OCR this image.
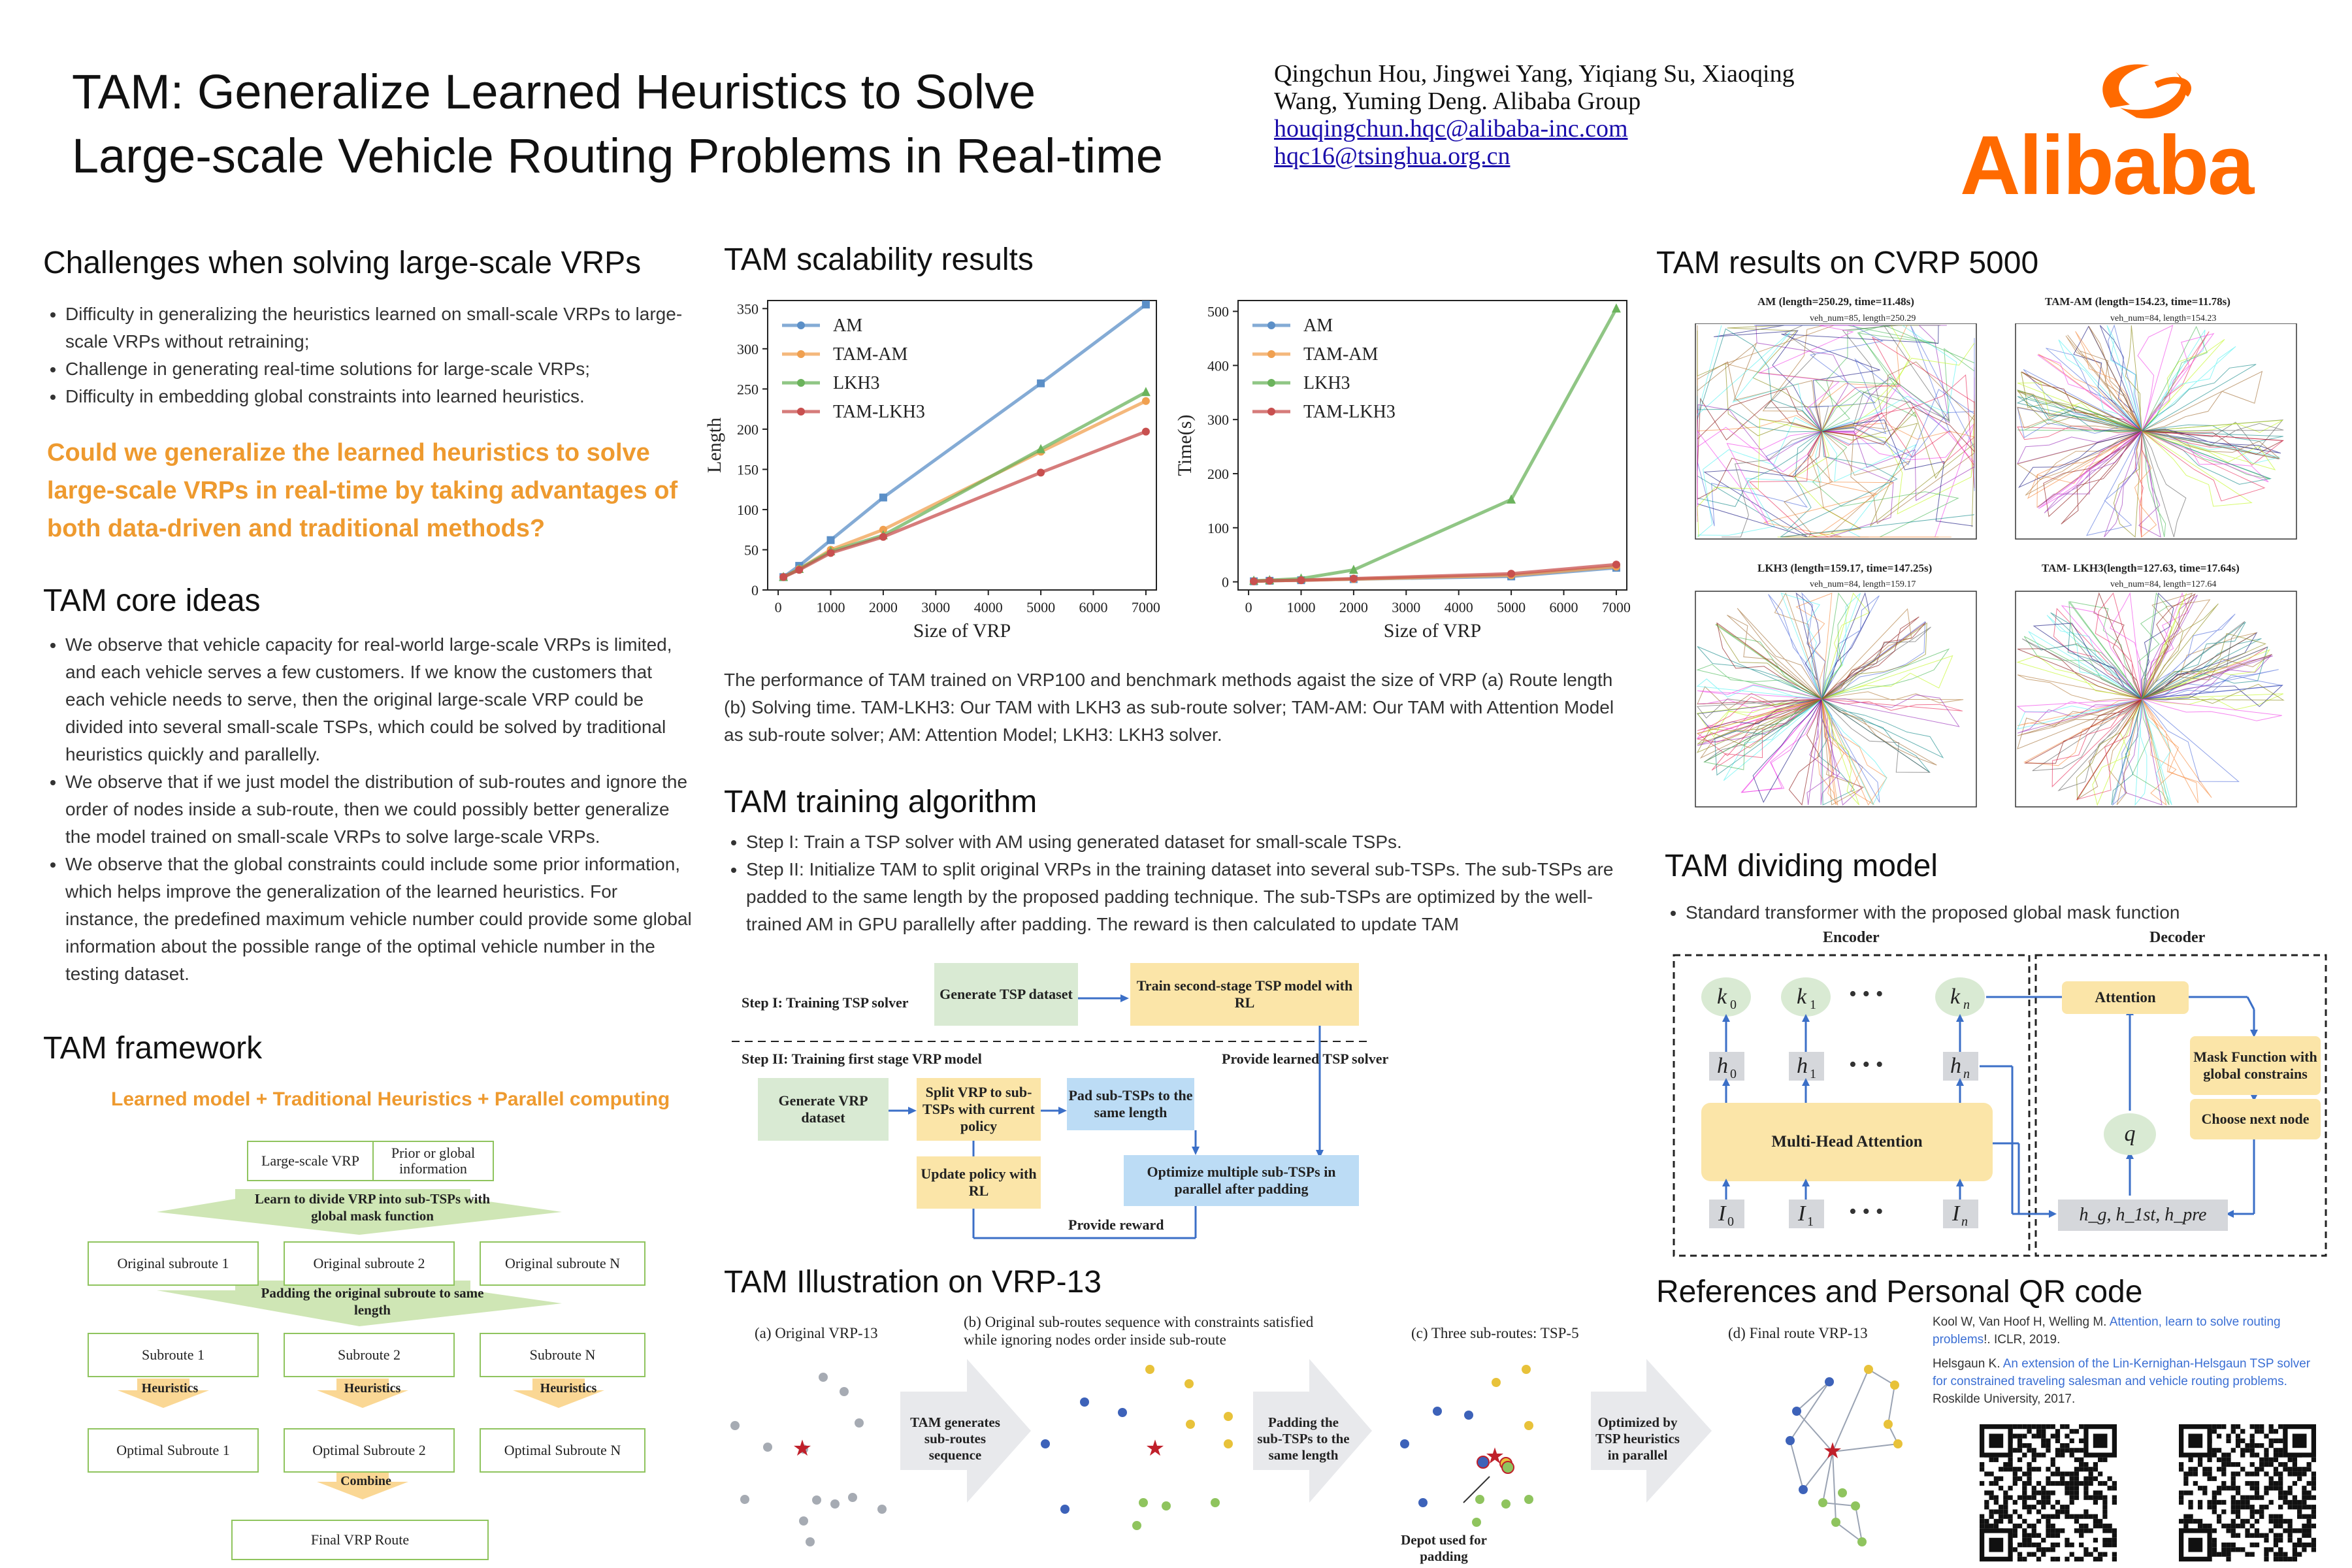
TAM: Generalize Learned Heuristics to Solve
Large-scale Vehicle Routing Problems in Real-time
Qingchun Hou, Jingwei Yang, Yiqiang Su, Xiaoqing
Wang, Yuming Deng. Alibaba Group
houqingchun.hqc@alibaba-inc.com
hqc16@tsinghua.org.cn	Alibaba
Challenges when solving large-scale VRPs
• Difficulty in generalizing the heuristics learned on small-scale VRPs to large-scale VRPs without retraining;
• Challenge in generating real-time solutions for large-scale VRPs;
• Difficulty in embedding global constraints into learned heuristics.
Could we generalize the learned heuristics to solve large-scale VRPs in real-time by taking advantages of both data-driven and traditional methods?
TAM core ideas
• We observe that vehicle capacity for real-world large-scale VRPs is limited, and each vehicle serves a few customers. If we know the customers that each vehicle needs to serve, then the original large-scale VRP could be divided into several small-scale TSPs, which could be solved by traditional heuristics quickly and parallelly.
• We observe that if we just model the distribution of sub-routes and ignore the order of nodes inside a sub-route, then we could possibly better generalize the model trained on small-scale VRPs to solve large-scale VRPs.
• We observe that the global constraints could include some prior information, which helps improve the generalization of the learned heuristics. For instance, the predefined maximum vehicle number could provide some global information about the possible range of the optimal vehicle number in the testing dataset.
TAM framework
Learned model + Traditional Heuristics + Parallel computing
Large-scale VRP	Prior or global information
Learn to divide VRP into sub-TSPs with global mask function
Original subroute 1	Original subroute 2	Original subroute N
Padding the original subroute to same length
Subroute 1	Subroute 2	Subroute N
Heuristics	Heuristics	Heuristics
Optimal Subroute 1	Optimal Subroute 2	Optimal Subroute N
Combine
Final VRP Route
TAM scalability results
0 1000 2000 3000 4000 5000 6000 7000
0
50
100
150
200
250
300
350
Size of VRP
Length
AM
TAM-AM
LKH3
TAM-LKH3
0 1000 2000 3000 4000 5000 6000 7000
0
100
200
300
400
500
Size of VRP
Time(s)
AM
TAM-AM
LKH3
TAM-LKH3
The performance of TAM trained on VRP100 and benchmark methods agaist the size of VRP (a) Route length (b) Solving time. TAM-LKH3: Our TAM with LKH3 as sub-route solver; TAM-AM: Our TAM with Attention Model as sub-route solver; AM: Attention Model; LKH3: LKH3 solver.
TAM training algorithm
• Step I: Train a TSP solver with AM using generated dataset for small-scale TSPs.
• Step II: Initialize TAM to split original VRPs in the training dataset into several sub-TSPs. The sub-TSPs are padded to the same length by the proposed padding technique. The sub-TSPs are optimized by the well-trained AM in GPU parallelly after padding. The reward is then calculated to update TAM
Step I: Training TSP solver
Generate TSP dataset
Train second-stage TSP model with RL
Step II: Training first stage VRP model	Provide learned TSP solver
Generate VRP dataset
Split VRP to sub-TSPs with current policy
Pad sub-TSPs to the same length
Update policy with RL
Optimize multiple sub-TSPs in parallel after padding
Provide reward
TAM Illustration on VRP-13
(a) Original VRP-13
(b) Original sub-routes sequence with constraints satisfied
while ignoring nodes order inside sub-route	(c) Three sub-routes: TSP-5	(d) Final route VRP-13
★	★	★	★
TAM generates sub-routes sequence
Padding the sub-TSPs to the same length
Optimized by TSP heuristics in parallel
Depot used for padding
TAM results on CVRP 5000
AM (length=250.29, time=11.48s)
veh_num=85, length=250.29
TAM-AM (length=154.23, time=11.78s)
veh_num=84, length=154.23
LKH3 (length=159.17, time=147.25s)
veh_num=84, length=159.17
TAM- LKH3(length=127.63, time=17.64s)
veh_num=84, length=127.64
TAM dividing model
• Standard transformer with the proposed global mask function
• • •
• • •
• • •
k 0	k 1	k n
h 0	h 1	h n
I 0	I 1	I n
Encoder	Decoder
Multi-Head Attention
Attention
Mask Function with global constrains
Choose next node
q
h_g, h_1st, h_pre
References and Personal QR code
Kool W, Van Hoof H, Welling M. Attention, learn to solve routing problems!. ICLR, 2019.
Helsgaun K. An extension of the Lin-Kernighan-Helsgaun TSP solver for constrained traveling salesman and vehicle routing problems.
Roskilde University, 2017.
